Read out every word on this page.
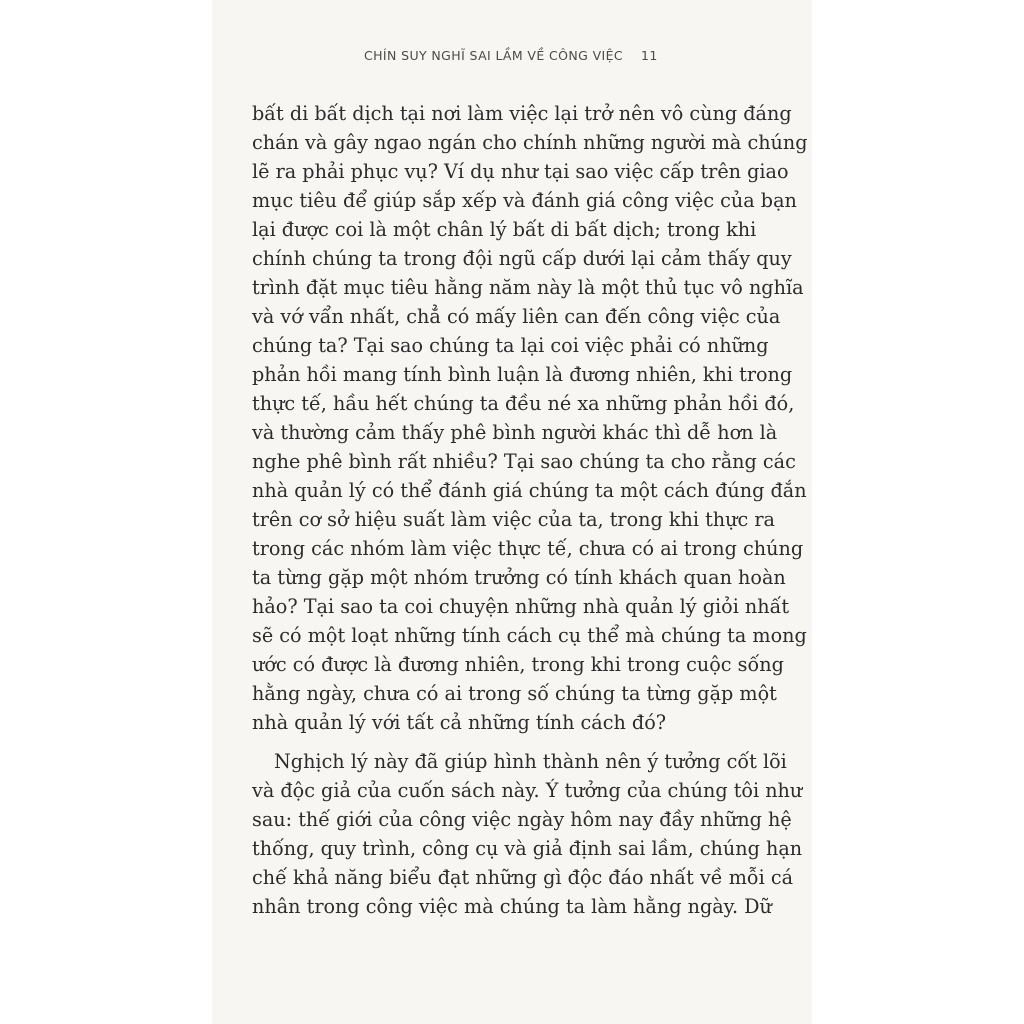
CHÍN SUY NGHĨ SAI LẦM VỀ CÔNG VIỆC 11
bất di bất dịch tại nơi làm việc lại trở nên vô cùng đáng
chán và gây ngao ngán cho chính những người mà chúng
lẽ ra phải phục vụ? Ví dụ như tại sao việc cấp trên giao
mục tiêu để giúp sắp xếp và đánh giá công việc của bạn
lại được coi là một chân lý bất di bất dịch; trong khi
chính chúng ta trong đội ngũ cấp dưới lại cảm thấy quy
trình đặt mục tiêu hằng năm này là một thủ tục vô nghĩa
và vớ vẩn nhất, chẳ có mấy liên can đến công việc của
chúng ta? Tại sao chúng ta lại coi việc phải có những
phản hồi mang tính bình luận là đương nhiên, khi trong
thực tế, hầu hết chúng ta đều né xa những phản hồi đó,
và thường cảm thấy phê bình người khác thì dễ hơn là
nghe phê bình rất nhiều? Tại sao chúng ta cho rằng các
nhà quản lý có thể đánh giá chúng ta một cách đúng đắn
trên cơ sở hiệu suất làm việc của ta, trong khi thực ra
trong các nhóm làm việc thực tế, chưa có ai trong chúng
ta từng gặp một nhóm trưởng có tính khách quan hoàn
hảo? Tại sao ta coi chuyện những nhà quản lý giỏi nhất
sẽ có một loạt những tính cách cụ thể mà chúng ta mong
ước có được là đương nhiên, trong khi trong cuộc sống
hằng ngày, chưa có ai trong số chúng ta từng gặp một
nhà quản lý với tất cả những tính cách đó?
Nghịch lý này đã giúp hình thành nên ý tưởng cốt lõi
và độc giả của cuốn sách này. Ý tưởng của chúng tôi như
sau: thế giới của công việc ngày hôm nay đầy những hệ
thống, quy trình, công cụ và giả định sai lầm, chúng hạn
chế khả năng biểu đạt những gì độc đáo nhất về mỗi cá
nhân trong công việc mà chúng ta làm hằng ngày. Dữ
